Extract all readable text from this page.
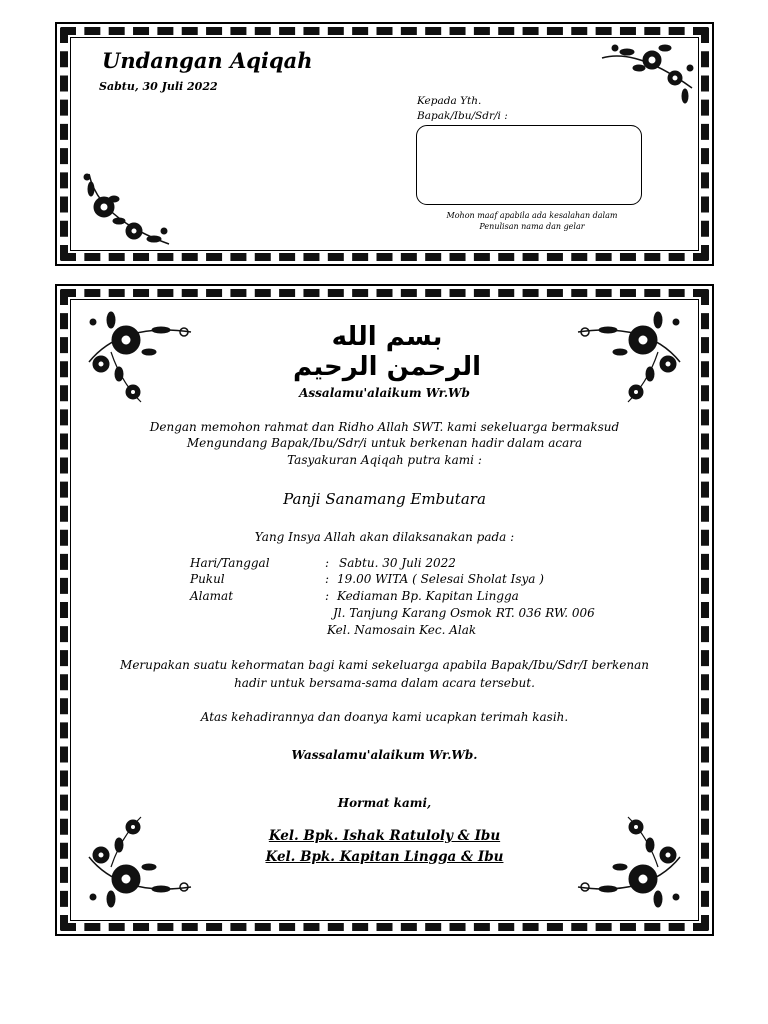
Undangan Aqiqah
Sabtu, 30 Juli 2022
Kepada Yth.
Bapak/Ibu/Sdr/i :
Mohon maaf apabila ada kesalahan dalam
Penulisan nama dan gelar
بسم الله الرحمن الرحيم
Assalamu'alaikum Wr.Wb
Dengan memohon rahmat dan Ridho Allah SWT. kami sekeluarga bermaksud
Mengundang Bapak/Ibu/Sdr/i untuk berkenan hadir dalam acara
Tasyakuran Aqiqah putra kami :
Panji Sanamang Embutara
Yang Insya Allah akan dilaksanakan pada :
Hari/Tanggal	: Sabtu. 30 Juli 2022
Pukul	: 19.00 WITA ( Selesai Sholat Isya )
Alamat	: Kediaman Bp. Kapitan Lingga
Jl. Tanjung Karang Osmok RT. 036 RW. 006
Kel. Namosain Kec. Alak
Merupakan suatu kehormatan bagi kami sekeluarga apabila Bapak/Ibu/Sdr/I berkenan
hadir untuk bersama-sama dalam acara tersebut.
Atas kehadirannya dan doanya kami ucapkan terimah kasih.
Wassalamu'alaikum Wr.Wb.
Hormat kami,
Kel. Bpk. Ishak Ratuloly & Ibu
Kel. Bpk. Kapitan Lingga & Ibu
